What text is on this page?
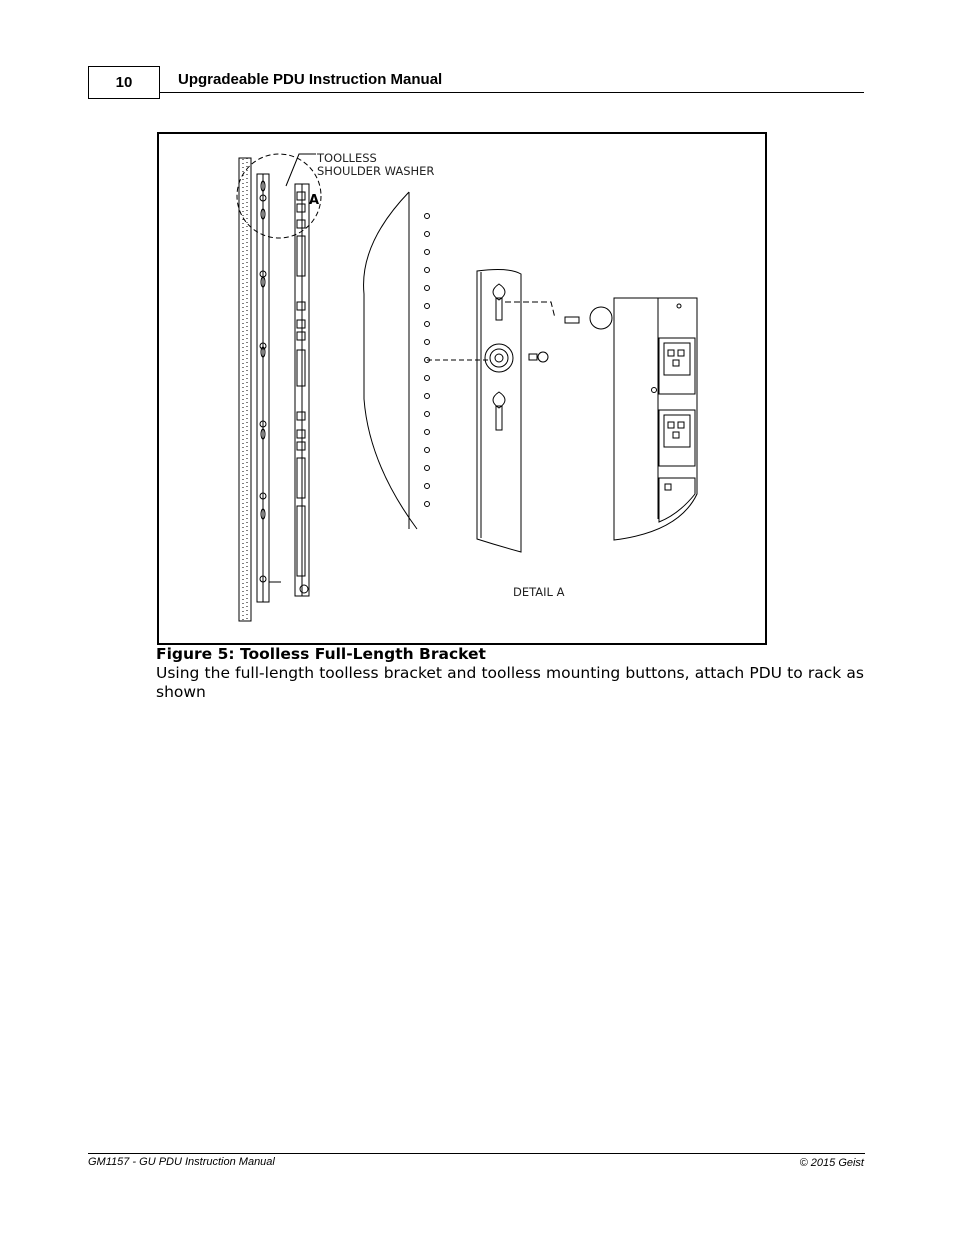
10	Upgradeable PDU Instruction Manual
TOOLLESS
SHOULDER WASHER
A
DETAIL A
Figure 5: Toolless Full-Length Bracket
Using the full-length toolless bracket and toolless mounting buttons, attach PDU to rack as shown
GM1157 - GU PDU Instruction Manual	© 2015 Geist
